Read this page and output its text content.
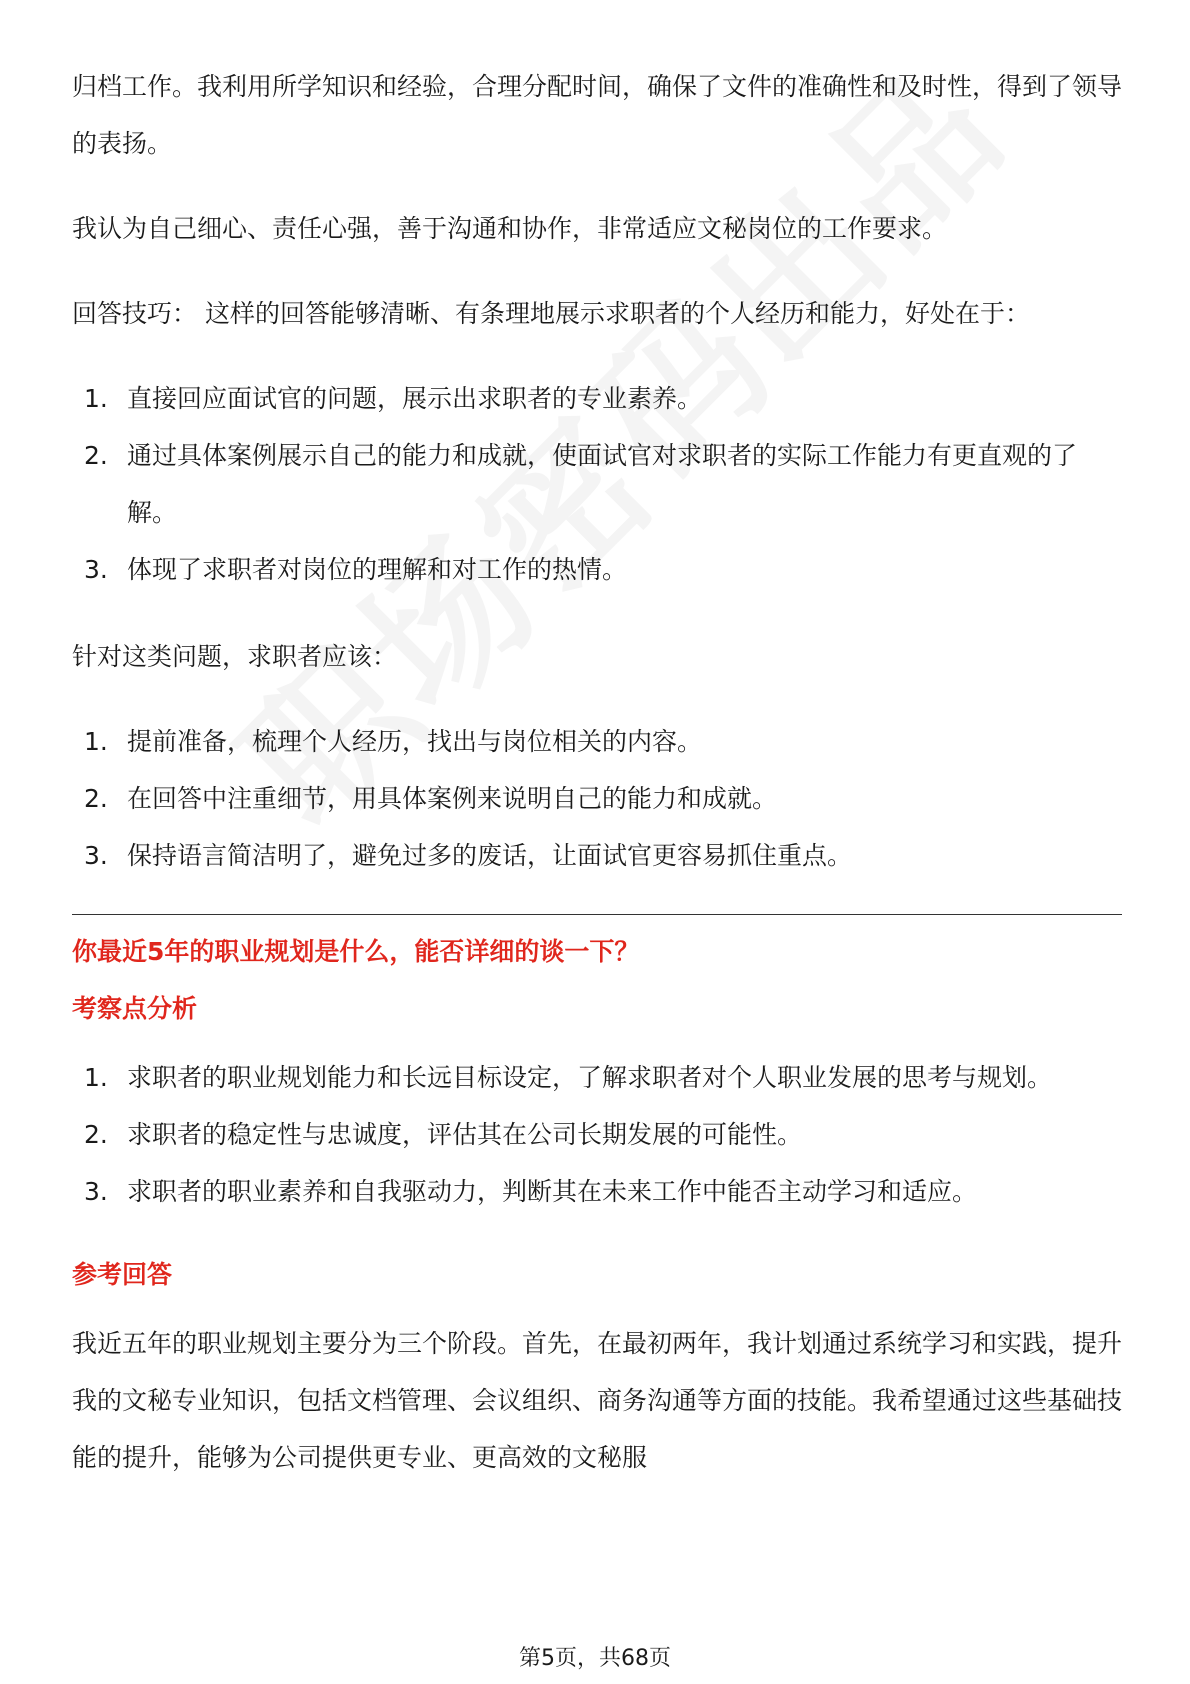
归档工作。我利用所学知识和经验，合理分配时间，确保了文件的准确性和及时性，得到了领导的表扬。

我认为自己细心、责任心强，善于沟通和协作，非常适应文秘岗位的工作要求。

回答技巧： 这样的回答能够清晰、有条理地展示求职者的个人经历和能力，好处在于：

1. 直接回应面试官的问题，展示出求职者的专业素养。
2. 通过具体案例展示自己的能力和成就，使面试官对求职者的实际工作能力有更直观的了解。
3. 体现了求职者对岗位的理解和对工作的热情。

针对这类问题，求职者应该：

1. 提前准备，梳理个人经历，找出与岗位相关的内容。
2. 在回答中注重细节，用具体案例来说明自己的能力和成就。
3. 保持语言简洁明了，避免过多的废话，让面试官更容易抓住重点。

你最近5年的职业规划是什么，能否详细的谈一下？

考察点分析

1. 求职者的职业规划能力和长远目标设定，了解求职者对个人职业发展的思考与规划。
2. 求职者的稳定性与忠诚度，评估其在公司长期发展的可能性。
3. 求职者的职业素养和自我驱动力，判断其在未来工作中能否主动学习和适应。

参考回答

我近五年的职业规划主要分为三个阶段。首先，在最初两年，我计划通过系统学习和实践，提升我的文秘专业知识，包括文档管理、会议组织、商务沟通等方面的技能。我希望通过这些基础技能的提升，能够为公司提供更专业、更高效的文秘服

第5页，共68页
